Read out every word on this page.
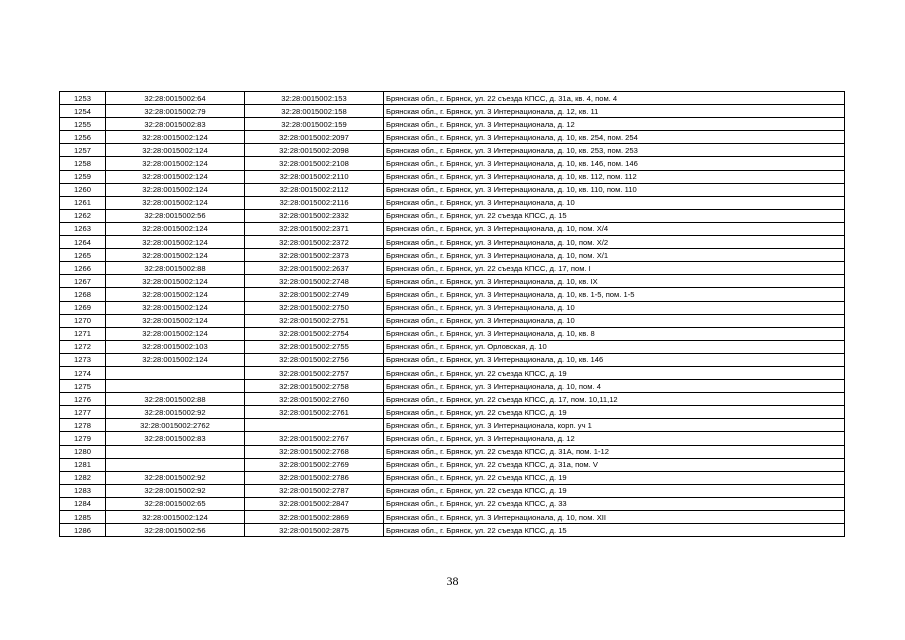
1253	32:28:0015002:64	32:28:0015002:153	Брянская обл., г. Брянск, ул. 22 съезда КПСС, д. 31а, кв. 4, пом. 4
1254	32:28:0015002:79	32:28:0015002:158	Брянская обл., г. Брянск, ул. 3 Интернационала, д. 12, кв. 11
1255	32:28:0015002:83	32:28:0015002:159	Брянская обл., г. Брянск, ул. 3 Интернационала, д. 12
1256	32:28:0015002:124	32:28:0015002:2097	Брянская обл., г. Брянск, ул. 3 Интернационала, д. 10, кв. 254, пом. 254
1257	32:28:0015002:124	32:28:0015002:2098	Брянская обл., г. Брянск, ул. 3 Интернационала, д. 10, кв. 253, пом. 253
1258	32:28:0015002:124	32:28:0015002:2108	Брянская обл., г. Брянск, ул. 3 Интернационала, д. 10, кв. 146, пом. 146
1259	32:28:0015002:124	32:28:0015002:2110	Брянская обл., г. Брянск, ул. 3 Интернационала, д. 10, кв. 112, пом. 112
1260	32:28:0015002:124	32:28:0015002:2112	Брянская обл., г. Брянск, ул. 3 Интернационала, д. 10, кв. 110, пом. 110
1261	32:28:0015002:124	32:28:0015002:2116	Брянская обл., г. Брянск, ул. 3 Интернационала, д. 10
1262	32:28:0015002:56	32:28:0015002:2332	Брянская обл., г. Брянск, ул. 22 съезда КПСС, д. 15
1263	32:28:0015002:124	32:28:0015002:2371	Брянская обл., г. Брянск, ул. 3 Интернационала, д. 10, пом. X/4
1264	32:28:0015002:124	32:28:0015002:2372	Брянская обл., г. Брянск, ул. 3 Интернационала, д. 10, пом. X/2
1265	32:28:0015002:124	32:28:0015002:2373	Брянская обл., г. Брянск, ул. 3 Интернационала, д. 10, пом. X/1
1266	32:28:0015002:88	32:28:0015002:2637	Брянская обл., г. Брянск, ул. 22 съезда КПСС, д. 17, пом. I
1267	32:28:0015002:124	32:28:0015002:2748	Брянская обл., г. Брянск, ул. 3 Интернационала, д. 10, кв. IX
1268	32:28:0015002:124	32:28:0015002:2749	Брянская обл., г. Брянск, ул. 3 Интернационала, д. 10, кв. 1-5, пом. 1-5
1269	32:28:0015002:124	32:28:0015002:2750	Брянская обл., г. Брянск, ул. 3 Интернационала, д. 10
1270	32:28:0015002:124	32:28:0015002:2751	Брянская обл., г. Брянск, ул. 3 Интернационала, д. 10
1271	32:28:0015002:124	32:28:0015002:2754	Брянская обл., г. Брянск, ул. 3 Интернационала, д. 10, кв. 8
1272	32:28:0015002:103	32:28:0015002:2755	Брянская обл., г. Брянск, ул. Орловская, д. 10
1273	32:28:0015002:124	32:28:0015002:2756	Брянская обл., г. Брянск, ул. 3 Интернационала, д. 10, кв. 146
1274		32:28:0015002:2757	Брянская обл., г. Брянск, ул. 22 съезда КПСС, д. 19
1275		32:28:0015002:2758	Брянская обл., г. Брянск, ул. 3 Интернационала, д. 10, пом. 4
1276	32:28:0015002:88	32:28:0015002:2760	Брянская обл., г. Брянск, ул. 22 съезда КПСС, д. 17, пом. 10,11,12
1277	32:28:0015002:92	32:28:0015002:2761	Брянская обл., г. Брянск, ул. 22 съезда КПСС, д. 19
1278	32:28:0015002:2762		Брянская обл., г. Брянск, ул. 3 Интернационала, корп. уч 1
1279	32:28:0015002:83	32:28:0015002:2767	Брянская обл., г. Брянск, ул. 3 Интернационала, д. 12
1280		32:28:0015002:2768	Брянская обл., г. Брянск, ул. 22 съезда КПСС, д. 31А, пом. 1-12
1281		32:28:0015002:2769	Брянская обл., г. Брянск, ул. 22 съезда КПСС, д. 31а, пом. V
1282	32:28:0015002:92	32:28:0015002:2786	Брянская обл., г. Брянск, ул. 22 съезда КПСС, д. 19
1283	32:28:0015002:92	32:28:0015002:2787	Брянская обл., г. Брянск, ул. 22 съезда КПСС, д. 19
1284	32:28:0015002:65	32:28:0015002:2847	Брянская обл., г. Брянск, ул. 22 съезда КПСС, д. 33
1285	32:28:0015002:124	32:28:0015002:2869	Брянская обл., г. Брянск, ул. 3 Интернационала, д. 10, пом. XII
1286	32:28:0015002:56	32:28:0015002:2875	Брянская обл., г. Брянск, ул. 22 съезда КПСС, д. 15
38
